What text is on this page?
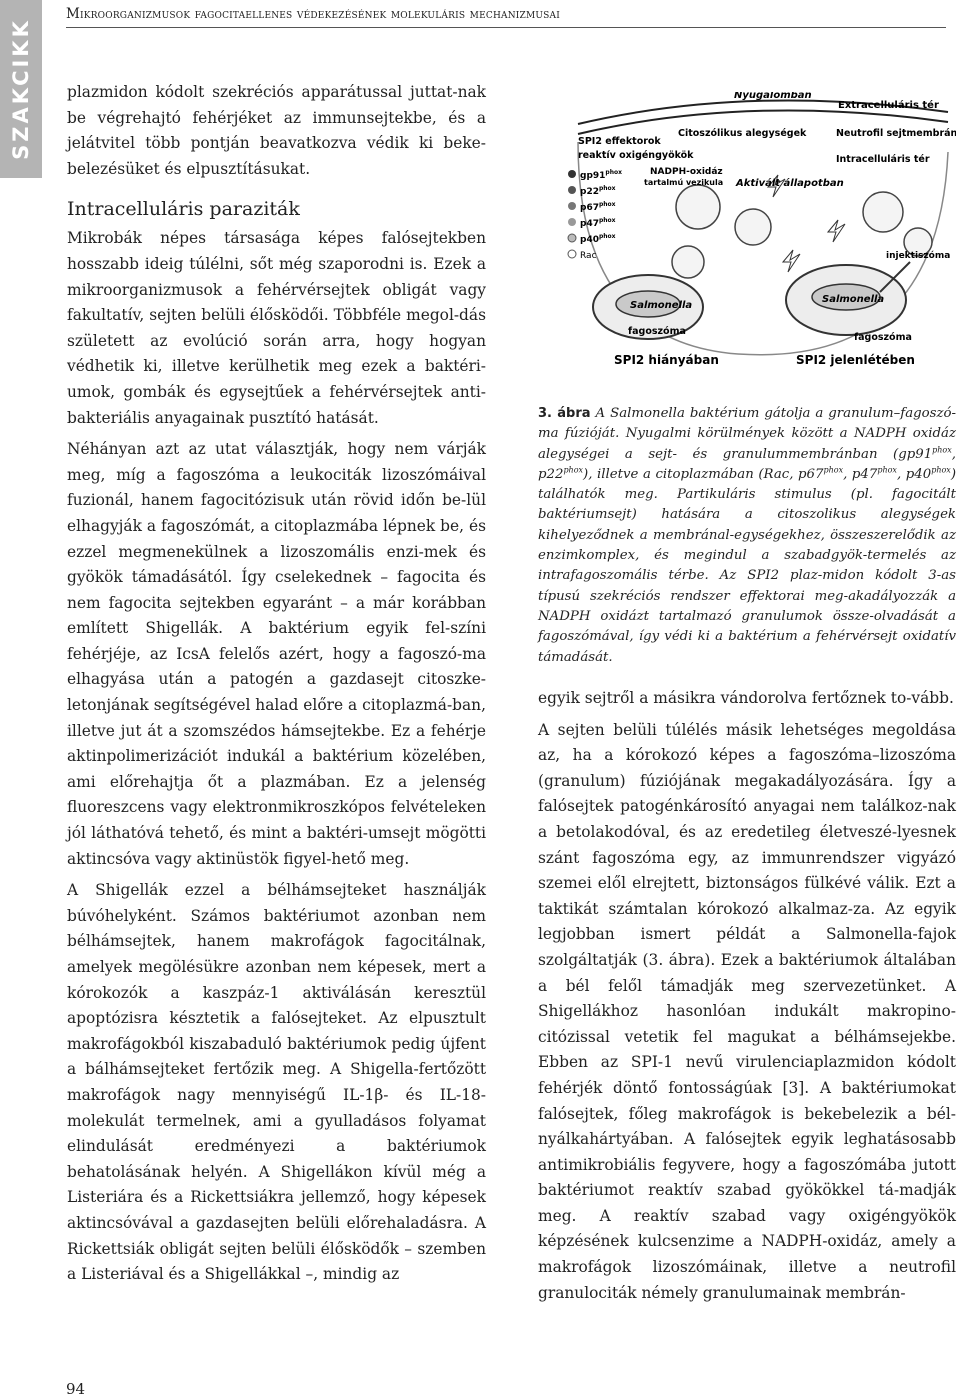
SZAKCIKK
Mikroorganizmusok fagocitaellenes védekezésének molekuláris mechanizmusai

plazmidon kódolt szekréciós apparátussal juttat-nak be végrehajtó fehérjéket az immunsejtekbe, és a jelátvitel több pontján beavatkozva védik ki beke-belezésüket és elpusztításukat.

Intracelluláris paraziták

Mikrobák népes társasága képes falósejtekben hosszabb ideig túlélni, sőt még szaporodni is. Ezek a mikroorganizmusok a fehérvérsejtek obligát vagy fakultatív, sejten belüli élősködői. Többféle megol-dás született az evolúció során arra, hogy hogyan védhetik ki, illetve kerülhetik meg ezek a baktéri-umok, gombák és egysejtűek a fehérvérsejtek anti-bakteriális anyagainak pusztító hatását.

Néhányan azt az utat választják, hogy nem várják meg, míg a fagoszóma a leukociták lizoszómáival fuzionál, hanem fagocitózisuk után rövid időn be-lül elhagyják a fagoszómát, a citoplazmába lépnek be, és ezzel megmenekülnek a lizoszomális enzi-mek és gyökök támadásától. Így cselekednek – fagocita és nem fagocita sejtekben egyaránt – a már korábban említett Shigellák. A baktérium egyik fel-színi fehérjéje, az IcsA felelős azért, hogy a fagoszó-ma elhagyása után a patogén a gazdasejt citoszke-letonjának segítségével halad előre a citoplazmá-ban, illetve jut át a szomszédos hámsejtekbe. Ez a fehérje aktinpolimerizációt indukál a baktérium közelében, ami előrehajtja őt a plazmában. Ez a jelenség fluoreszcens vagy elektronmikroszkópos felvételeken jól láthatóvá tehető, és mint a baktéri-umsejt mögötti aktincsóva vagy aktinüstök figyel-hető meg.

A Shigellák ezzel a bélhámsejteket használják búvóhelyként. Számos baktériumot azonban nem bélhámsejtek, hanem makrofágok fagocitálnak, amelyek megölésükre azonban nem képesek, mert a kórokozók a kaszpáz-1 aktiválásán keresztül apoptózisra késztetik a falósejteket. Az elpusztult makrofágokból kiszabaduló baktériumok pedig újfent a bálhámsejteket fertőzik meg. A Shigella-fertőzött makrofágok nagy mennyiségű IL-1β- és IL-18-molekulát termelnek, ami a gyulladásos folyamat elindulását eredményezi a baktériumok behatolásának helyén. A Shigellákon kívül még a Listeriára és a Rickettsiákra jellemző, hogy képesek aktincsóvával a gazdasejten belüli előrehaladásra. A Rickettsiák obligát sejten belüli élősködők – szemben a Listeriával és a Shigellákkal –, mindig az

$gp91^{phox}$
$p22^{phox}$
$p67^{phox}$
$p47^{phox}$
$p40^{phox}$
Rac
Nyugalomban
Extracelluláris tér
Citoszólikus alegységek	Neutrofil sejtmembrán
SPI2 effektorok
reaktív oxigéngyökök
NADPH-oxidáz
tartalmú vezikula
Intracelluláris tér
Aktivált állapotban
injektiszóma
Salmonella
fagoszóma
Salmonella
fagoszóma
SPI2 hiányában	SPI2 jelenlétében
3. ábra A Salmonella baktérium gátolja a granulum–fagoszó-ma fúzióját. Nyugalmi körülmények között a NADPH oxidáz alegységei a sejt- és granulummembránban ($gp91^{phox}$, $p22^{phox}$), illetve a citoplazmában (Rac, $p67^{phox}$, $p47^{phox}$, $p40^{phox}$) találhatók meg. Partikuláris stimulus (pl. fagocitált baktériumsejt) hatására a citoszolikus alegységek kihelyeződnek a membránal-egységekhez, összeszerelődik az enzimkomplex, és megindul a szabadgyök-termelés az intrafagoszomális térbe. Az SPI2 plaz-midon kódolt 3-as típusú szekréciós rendszer effektorai meg-akadályozzák a NADPH oxidázt tartalmazó granulumok össze-olvadását a fagoszómával, így védi ki a baktérium a fehérvérsejt oxidatív támadását.

egyik sejtről a másikra vándorolva fertőznek to-vább.

A sejten belüli túlélés másik lehetséges megoldása az, ha a kórokozó képes a fagoszóma–lizoszóma (granulum) fúziójának megakadályozására. Így a falósejtek patogénkárosító anyagai nem találkoz-nak a betolakodóval, és az eredetileg életveszé-lyesnek szánt fagoszóma egy, az immunrendszer vigyázó szemei elől elrejtett, biztonságos fülkévé válik. Ezt a taktikát számtalan kórokozó alkalmaz-za. Az egyik legjobban ismert példát a Salmonella-fajok szolgáltatják (3. ábra). Ezek a baktériumok általában a bél felől támadják meg szervezetünket. A Shigellákhoz hasonlóan indukált makropino-citózissal vetetik fel magukat a bélhámsejekbe. Ebben az SPI-1 nevű virulenciaplazmidon kódolt fehérjék döntő fontosságúak [3]. A baktériumokat falósejtek, főleg makrofágok is bekebelezik a bél-nyálkahártyában. A falósejtek egyik leghatásosabb antimikrobiális fegyvere, hogy a fagoszómába jutott baktériumot reaktív szabad gyökökkel tá-madják meg. A reaktív szabad vagy oxigéngyökök képzésének kulcsenzime a NADPH-oxidáz, amely a makrofágok lizoszómáinak, illetve a neutrofil granulociták némely granulumainak membrán-

94
